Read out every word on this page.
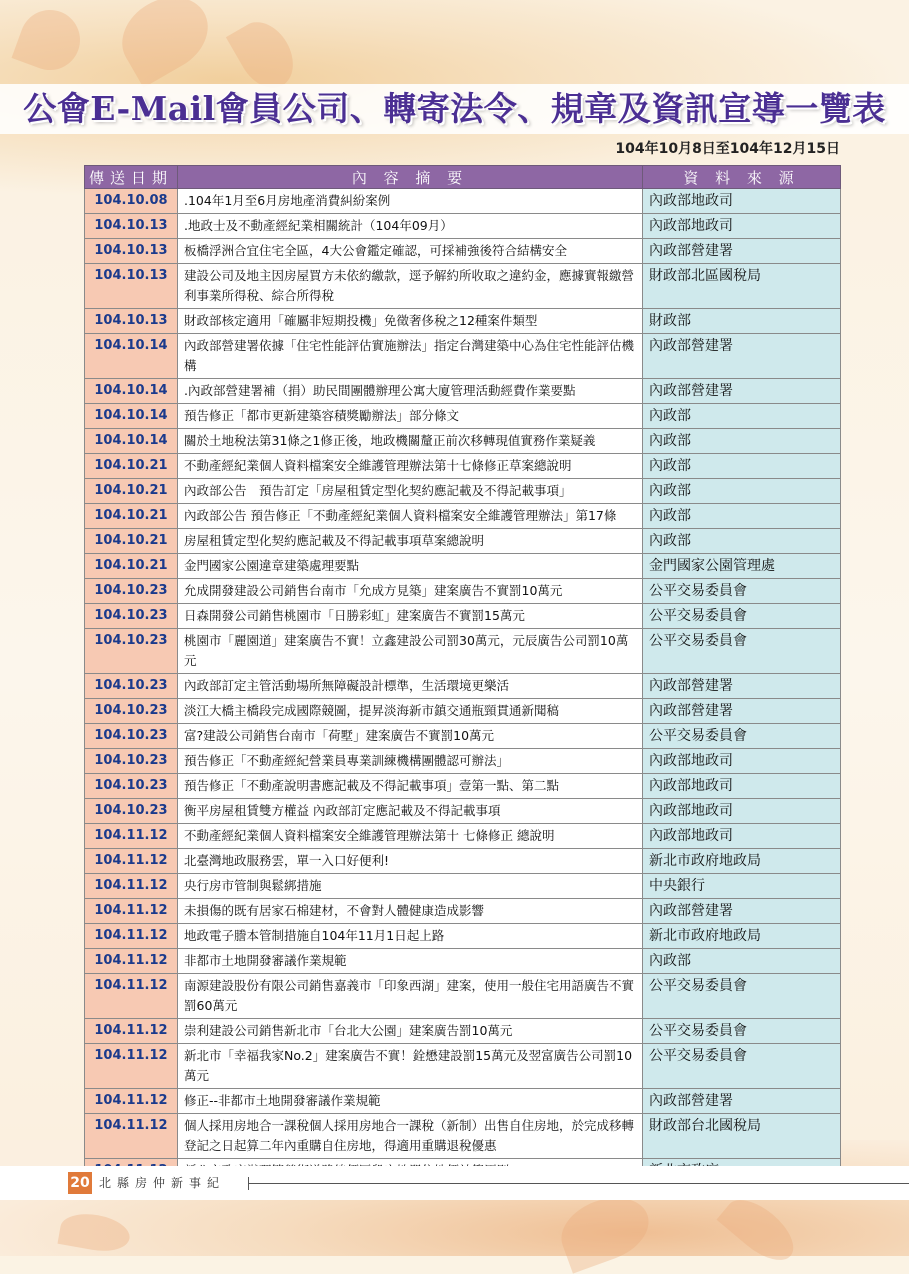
公會E-Mail會員公司、轉寄法令、規章及資訊宣導一覽表
104年10月8日至104年12月15日
傳送日期	內 容 摘 要	資 料 來 源
104.10.08	.104年1月至6月房地產消費糾紛案例	內政部地政司
104.10.13	.地政士及不動產經紀業相關統計（104年09月）	內政部地政司
104.10.13	板橋浮洲合宜住宅全區，4大公會鑑定確認，可採補強後符合結構安全	內政部營建署
104.10.13	建設公司及地主因房屋買方未依約繳款，逕予解約所收取之違約金，應據實報繳營利事業所得稅、綜合所得稅	財政部北區國稅局
104.10.13	財政部核定適用「確屬非短期投機」免徵奢侈稅之12種案件類型	財政部
104.10.14	內政部營建署依據「住宅性能評估實施辦法」指定台灣建築中心為住宅性能評估機構	內政部營建署
104.10.14	.內政部營建署補（捐）助民間團體辦理公寓大廈管理活動經費作業要點	內政部營建署
104.10.14	預告修正「都市更新建築容積獎勵辦法」部分條文	內政部
104.10.14	關於土地稅法第31條之1修正後，地政機關釐正前次移轉現值實務作業疑義	內政部
104.10.21	不動產經紀業個人資料檔案安全維護管理辦法第十七條修正草案總說明	內政部
104.10.21	內政部公告　預告訂定「房屋租賃定型化契約應記載及不得記載事項」	內政部
104.10.21	內政部公告 預告修正「不動產經紀業個人資料檔案安全維護管理辦法」第17條	內政部
104.10.21	房屋租賃定型化契約應記載及不得記載事項草案總說明	內政部
104.10.21	金門國家公園違章建築處理要點	金門國家公園管理處
104.10.23	允成開發建設公司銷售台南市「允成方見築」建案廣告不實罰10萬元	公平交易委員會
104.10.23	日森開發公司銷售桃園市「日勝彩虹」建案廣告不實罰15萬元	公平交易委員會
104.10.23	桃園市「麗園道」建案廣告不實！立鑫建設公司罰30萬元，元辰廣告公司罰10萬元	公平交易委員會
104.10.23	內政部訂定主管活動場所無障礙設計標準，生活環境更樂活	內政部營建署
104.10.23	淡江大橋主橋段完成國際競圖，提昇淡海新市鎮交通瓶頸貫通新聞稿	內政部營建署
104.10.23	富?建設公司銷售台南市「荷墅」建案廣告不實罰10萬元	公平交易委員會
104.10.23	預告修正「不動產經紀營業員專業訓練機構團體認可辦法」	內政部地政司
104.10.23	預告修正「不動產說明書應記載及不得記載事項」壹第一點、第二點	內政部地政司
104.10.23	衡平房屋租賃雙方權益 內政部訂定應記載及不得記載事項	內政部地政司
104.11.12	不動產經紀業個人資料檔案安全維護管理辦法第十 七條修正 總說明	內政部地政司
104.11.12	北臺灣地政服務雲，單一入口好便利!	新北市政府地政局
104.11.12	央行房市管制與鬆綁措施	中央銀行
104.11.12	未損傷的既有居家石棉建材，不會對人體健康造成影響	內政部營建署
104.11.12	地政電子謄本管制措施自104年11月1日起上路	新北市政府地政局
104.11.12	非都市土地開發審議作業規範	內政部
104.11.12	南源建設股份有限公司銷售嘉義市「印象西湖」建案，使用一般住宅用語廣告不實罰60萬元	公平交易委員會
104.11.12	崇利建設公司銷售新北市「台北大公園」建案廣告罰10萬元	公平交易委員會
104.11.12	新北市「幸福我家No.2」建案廣告不實！銓懋建設罰15萬元及翌富廣告公司罰10萬元	公平交易委員會
104.11.12	修正--非都市土地開發審議作業規範	內政部營建署
104.11.12	個人採用房地合一課稅個人採用房地合一課稅（新制）出售自住房地，於完成移轉登記之日起算二年內重購自住房地，得適用重購退稅優惠	財政部台北國稅局

20 北縣房仲新事紀
